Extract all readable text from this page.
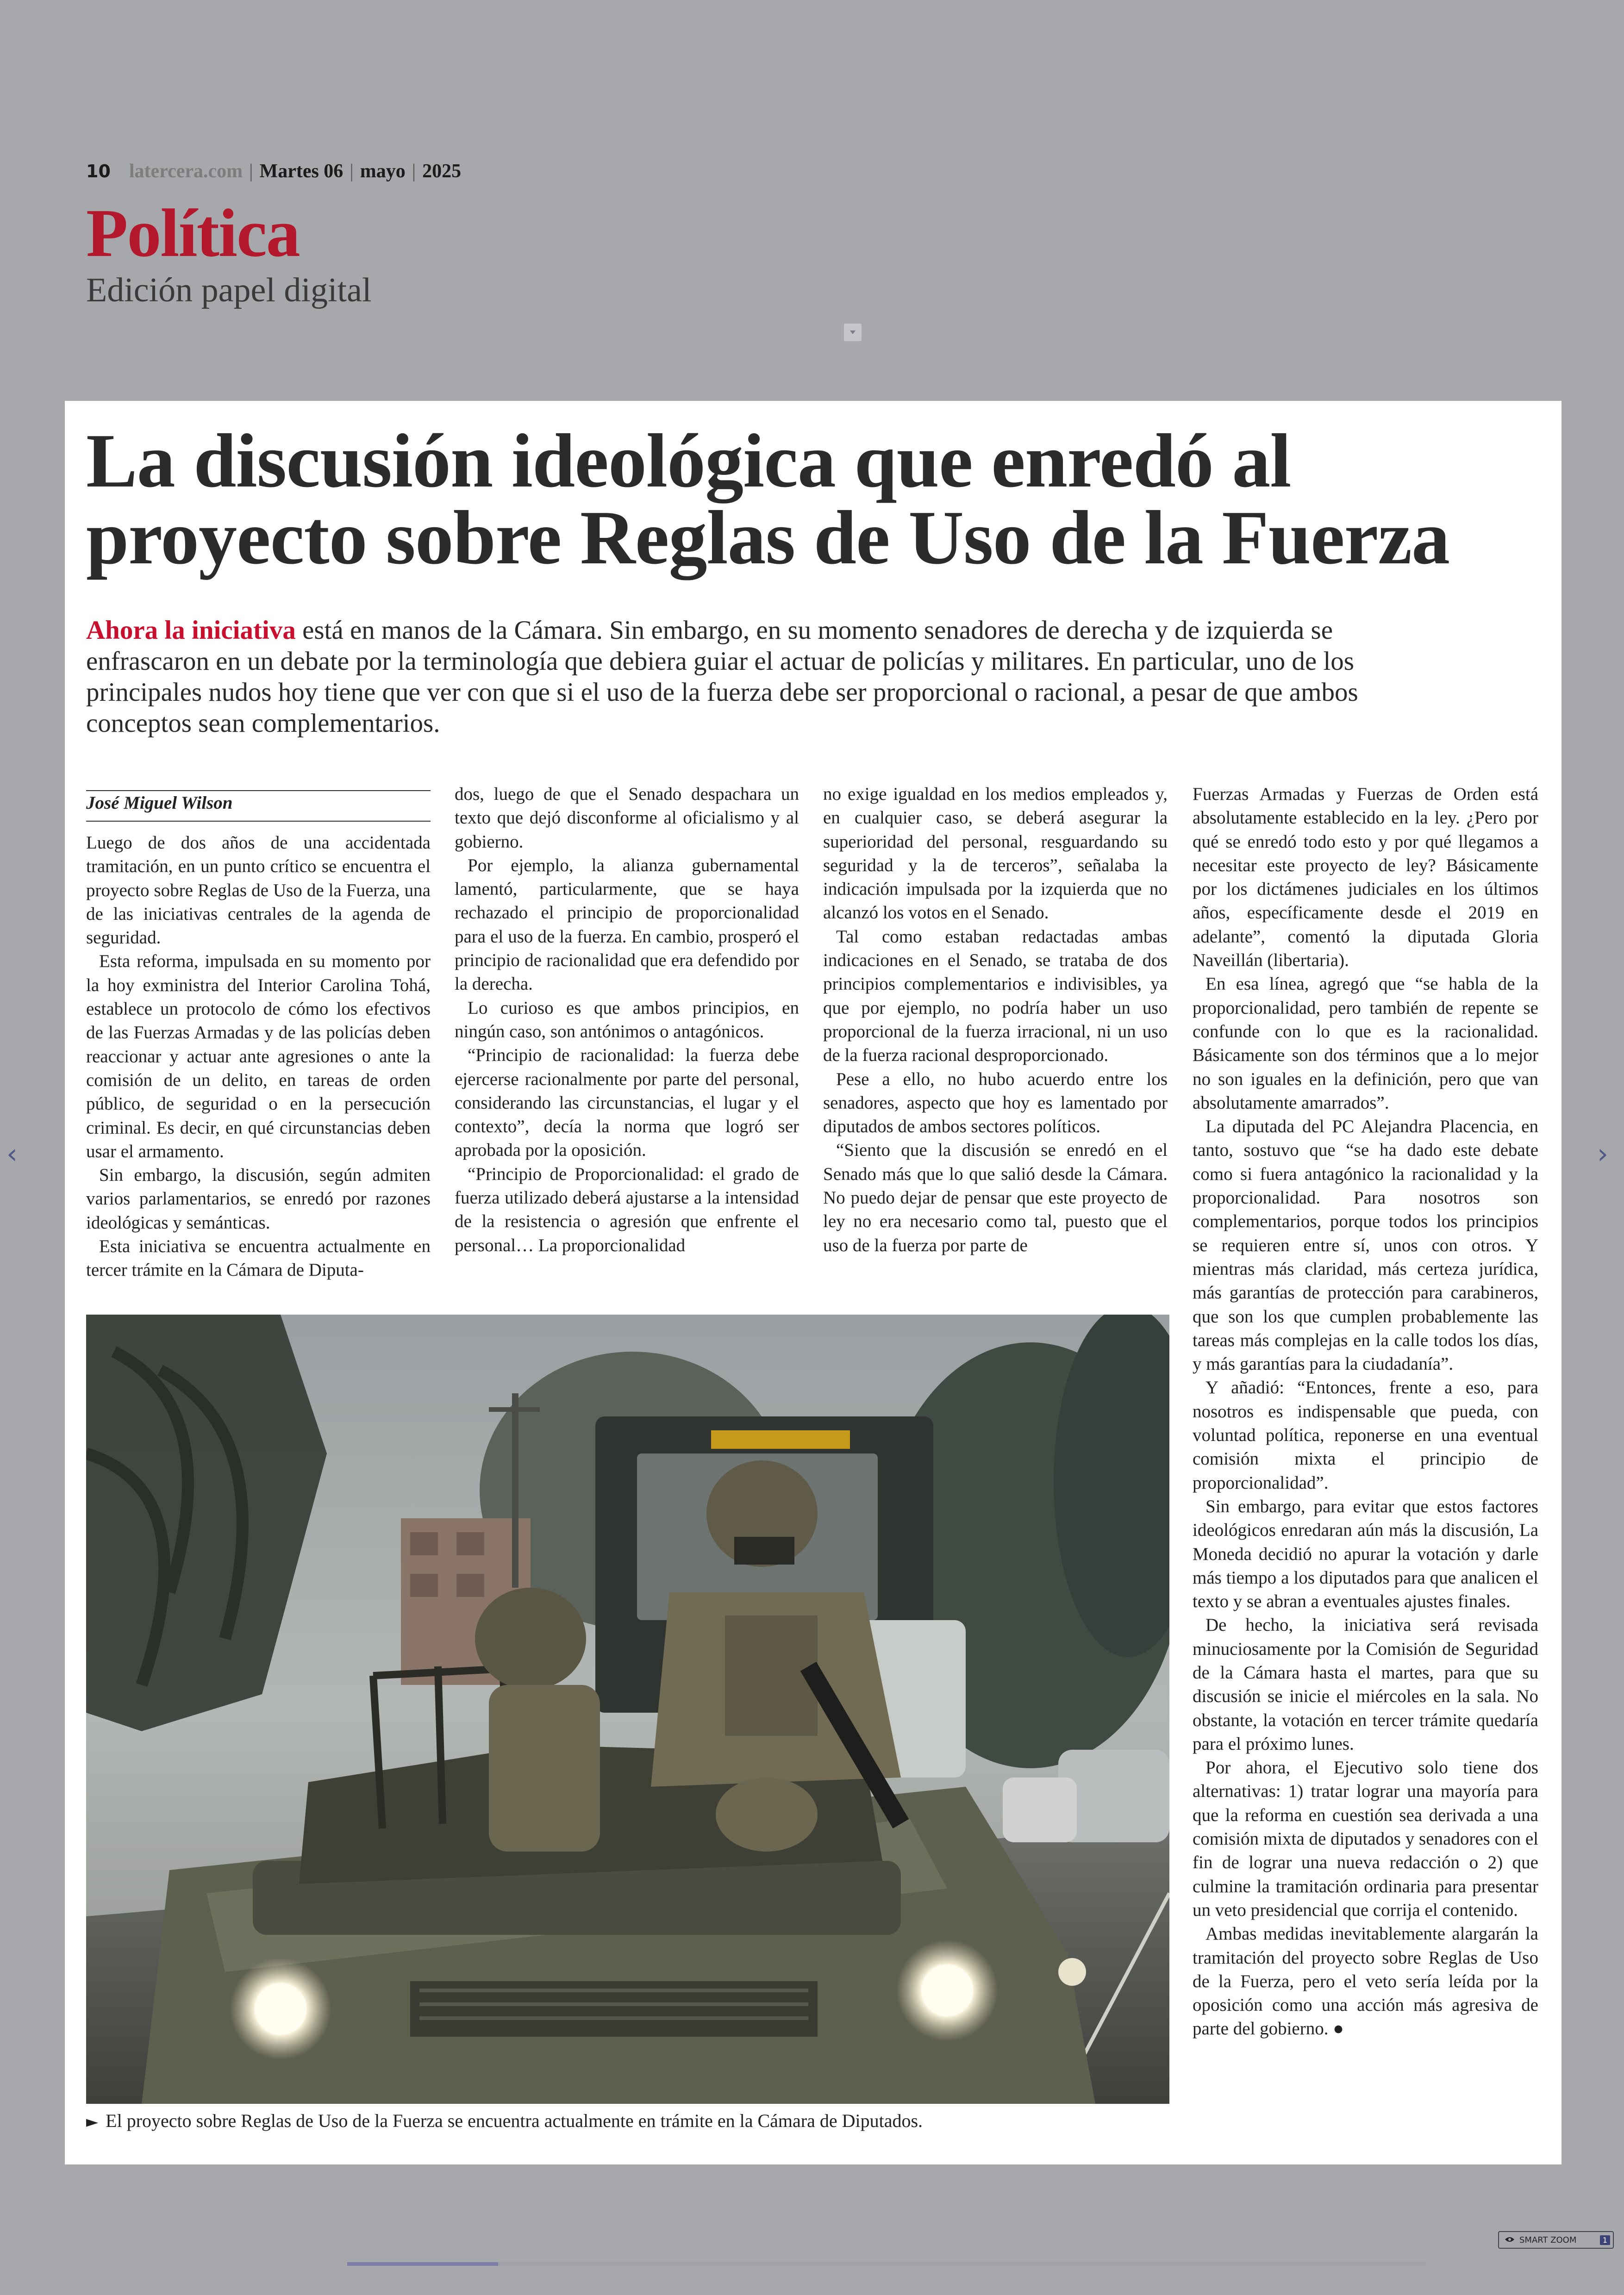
10 latercera.com | Martes 06 | mayo | 2025
Política
Edición papel digital
La discusión ideológica que enredó al
proyecto sobre Reglas de Uso de la Fuerza
Ahora la iniciativa está en manos de la Cámara. Sin embargo, en su momento senadores de derecha y de izquierda se enfrascaron en un debate por la terminología que debiera guiar el actuar de policías y militares. En particular, uno de los principales nudos hoy tiene que ver con que si el uso de la fuerza debe ser proporcional o racional, a pesar de que ambos conceptos sean complementarios.
José Miguel Wilson

Luego de dos años de una accidentada tramitación, en un punto crítico se encuentra el proyecto sobre Reglas de Uso de la Fuerza, una de las iniciativas centrales de la agenda de seguridad.

Esta reforma, impulsada en su momento por la hoy exministra del Interior Carolina Tohá, establece un protocolo de cómo los efectivos de las Fuerzas Armadas y de las policías deben reaccionar y actuar ante agresiones o ante la comisión de un delito, en tareas de orden público, de seguridad o en la persecución criminal. Es decir, en qué circunstancias deben usar el armamento.

Sin embargo, la discusión, según admiten varios parlamentarios, se enredó por razones ideológicas y semánticas.

Esta iniciativa se encuentra actualmente en tercer trámite en la Cámara de Diputa-

dos, luego de que el Senado despachara un texto que dejó disconforme al oficialismo y al gobierno.

Por ejemplo, la alianza gubernamental lamentó, particularmente, que se haya rechazado el principio de proporcionalidad para el uso de la fuerza. En cambio, prosperó el principio de racionalidad que era defendido por la derecha.

Lo curioso es que ambos principios, en ningún caso, son antónimos o antagónicos.

“Principio de racionalidad: la fuerza debe ejercerse racionalmente por parte del personal, considerando las circunstancias, el lugar y el contexto”, decía la norma que logró ser aprobada por la oposición.

“Principio de Proporcionalidad: el grado de fuerza utilizado deberá ajustarse a la intensidad de la resistencia o agresión que enfrente el personal… La proporcionalidad

no exige igualdad en los medios empleados y, en cualquier caso, se deberá asegurar la superioridad del personal, resguardando su seguridad y la de terceros”, señalaba la indicación impulsada por la izquierda que no alcanzó los votos en el Senado.

Tal como estaban redactadas ambas indicaciones en el Senado, se trataba de dos principios complementarios e indivisibles, ya que por ejemplo, no podría haber un uso proporcional de la fuerza irracional, ni un uso de la fuerza racional desproporcionado.

Pese a ello, no hubo acuerdo entre los senadores, aspecto que hoy es lamentado por diputados de ambos sectores políticos.

“Siento que la discusión se enredó en el Senado más que lo que salió desde la Cámara. No puedo dejar de pensar que este proyecto de ley no era necesario como tal, puesto que el uso de la fuerza por parte de

Fuerzas Armadas y Fuerzas de Orden está absolutamente establecido en la ley. ¿Pero por qué se enredó todo esto y por qué llegamos a necesitar este proyecto de ley? Básicamente por los dictámenes judiciales en los últimos años, específicamente desde el 2019 en adelante”, comentó la diputada Gloria Naveillán (libertaria).

En esa línea, agregó que “se habla de la proporcionalidad, pero también de repente se confunde con lo que es la racionalidad. Básicamente son dos términos que a lo mejor no son iguales en la definición, pero que van absolutamente amarrados”.

La diputada del PC Alejandra Placencia, en tanto, sostuvo que “se ha dado este debate como si fuera antagónico la racionalidad y la proporcionalidad. Para nosotros son complementarios, porque todos los principios se requieren entre sí, unos con otros. Y mientras más claridad, más certeza jurídica, más garantías de protección para carabineros, que son los que cumplen probablemente las tareas más complejas en la calle todos los días, y más garantías para la ciudadanía”.

Y añadió: “Entonces, frente a eso, para nosotros es indispensable que pueda, con voluntad política, reponerse en una eventual comisión mixta el principio de proporcionalidad”.

Sin embargo, para evitar que estos factores ideológicos enredaran aún más la discusión, La Moneda decidió no apurar la votación y darle más tiempo a los diputados para que analicen el texto y se abran a eventuales ajustes finales.

De hecho, la iniciativa será revisada minuciosamente por la Comisión de Seguridad de la Cámara hasta el martes, para que su discusión se inicie el miércoles en la sala. No obstante, la votación en tercer trámite quedaría para el próximo lunes.

Por ahora, el Ejecutivo solo tiene dos alternativas: 1) tratar lograr una mayoría para que la reforma en cuestión sea derivada a una comisión mixta de diputados y senadores con el fin de lograr una nueva redacción o 2) que culmine la tramitación ordinaria para presentar un veto presidencial que corrija el contenido.

Ambas medidas inevitablemente alargarán la tramitación del proyecto sobre Reglas de Uso de la Fuerza, pero el veto sería leída por la oposición como una acción más agresiva de parte del gobierno. ●

► El proyecto sobre Reglas de Uso de la Fuerza se encuentra actualmente en trámite en la Cámara de Diputados.
‹	›
SMART ZOOM	1
